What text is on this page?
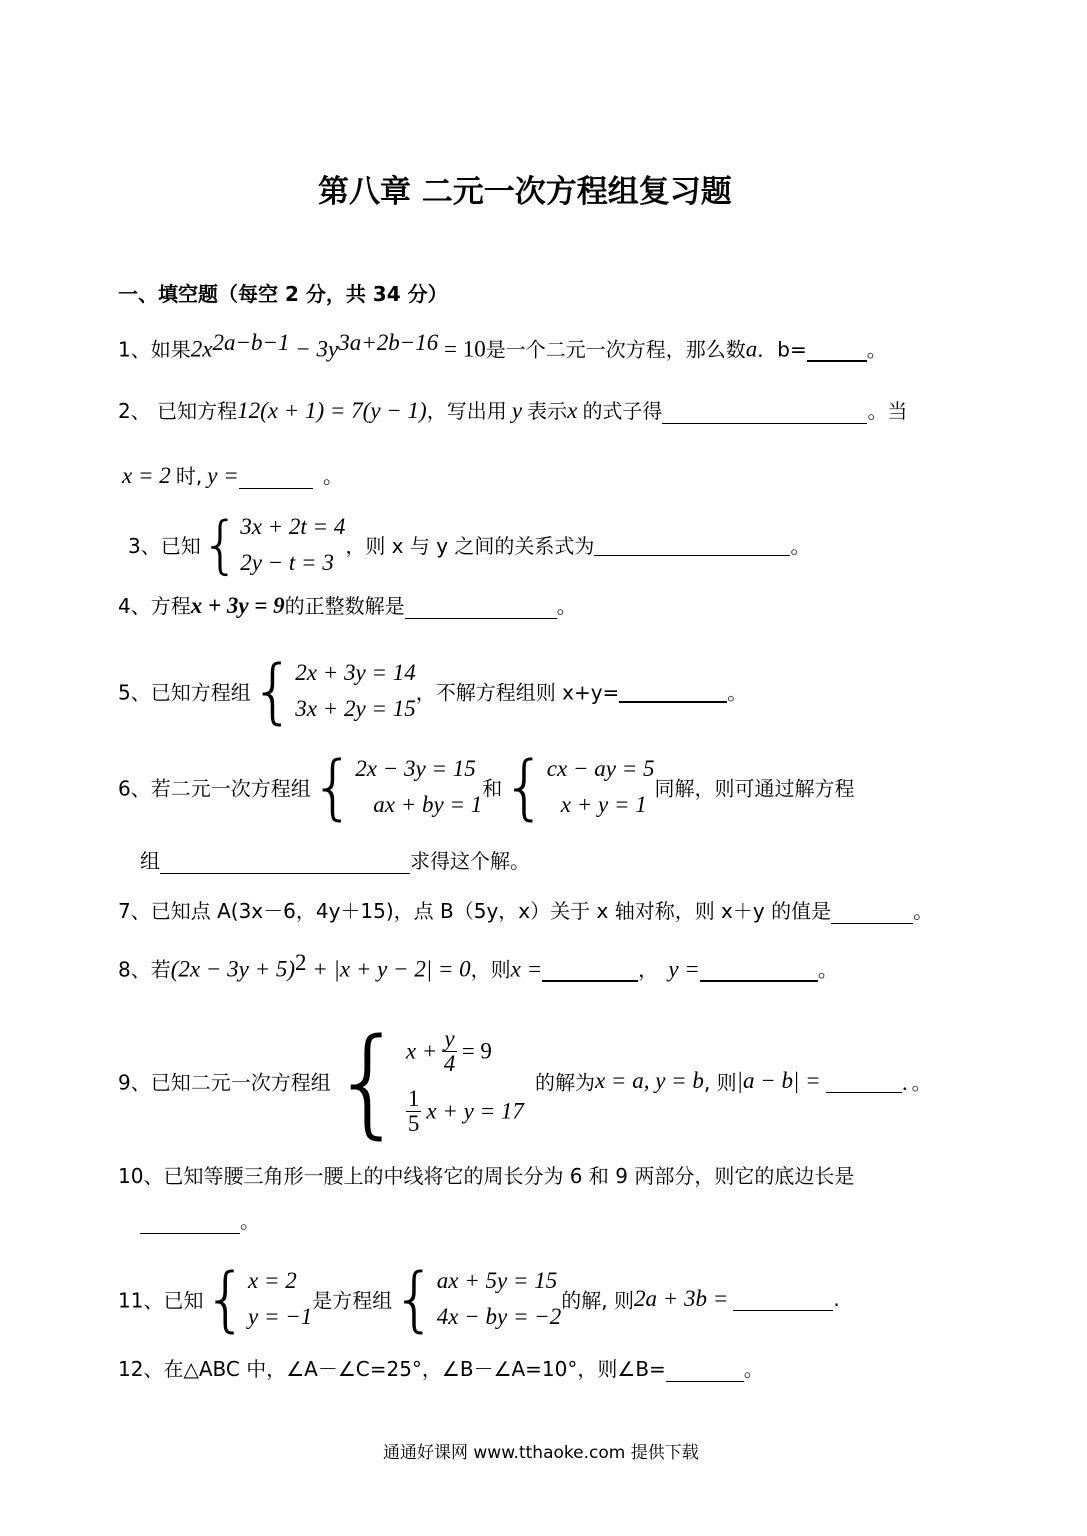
第八章 二元一次方程组复习题
一、填空题（每空 2 分，共 34 分）
1、如果$2x^{2a-b-1} - 3y^{3a+2b-16} = 10$是一个二元一次方程，那么数a．b=	。
2、 已知方程12(x + 1) = 7(y − 1)，写出用 y 表示x 的式子得	。当
x = 2 时, y =	。
3、已知{ 3x + 2t = 4
2y − t = 3
，则 x 与 y 之间的关系式为	。
4、方程x + 3y = 9的正整数解是	。
5、已知方程组{ 2x + 3y = 14
3x + 2y = 15
，不解方程组则 x+y=	。
6、若二元一次方程组{ 2x − 3y = 15
ax + by = 1
和{ cx − ay = 5
x + y = 1
同解，则可通过解方程
组	求得这个解。
7、已知点 A(3x－6，4y＋15)，点 B（5y，x）关于 x 轴对称，则 x＋y 的值是	。
8、若$(2x - 3y + 5)^2 + |x + y - 2| = 0$，则x =	， y =	。
9、已知二元一次方程组{ $x + \frac{y}{4} = 9$
$\frac{1}{5}$ x + y = 17
的解为x = a, y = b, 则|a − b| =	．。
10、已知等腰三角形一腰上的中线将它的周长分为 6 和 9 两部分，则它的底边长是
。
11、已知{ x = 2
y = −1
是方程组{ ax + 5y = 15
4x − by = −2
的解, 则2a + 3b =	.
12、在△ABC 中，∠A－∠C=25°，∠B－∠A=10°，则∠B=	。
通通好课网 www.tthaoke.com 提供下载
